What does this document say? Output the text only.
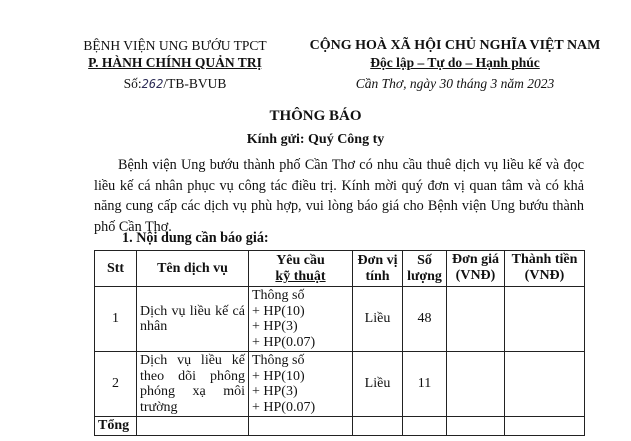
BỆNH VIỆN UNG BƯỚU TPCT
P. HÀNH CHÍNH QUẢN TRỊ
Số:262/TB-BVUB
CỘNG HOÀ XÃ HỘI CHỦ NGHĨA VIỆT NAM
Độc lập – Tự do – Hạnh phúc
Cần Thơ, ngày 30 tháng 3 năm 2023
THÔNG BÁO
Kính gửi: Quý Công ty
Bệnh viện Ung bướu thành phố Cần Thơ có nhu cầu thuê dịch vụ liều kế và đọc liều kế cá nhân phục vụ công tác điều trị. Kính mời quý đơn vị quan tâm và có khả năng cung cấp các dịch vụ phù hợp, vui lòng báo giá cho Bệnh viện Ung bướu thành phố Cần Thơ.
1. Nội dung cần báo giá:
Stt	Tên dịch vụ	Yêu cầu
kỹ thuật	Đơn vị
tính	Số
lượng	Đơn giá
(VNĐ)	Thành tiền
(VNĐ)
1	Dịch vụ liều kế cá nhân	Thông số
+ HP(10)
+ HP(3)
+ HP(0.07)	Liều	48		
2	Dịch vụ liều kế theo dõi phông phóng xạ môi trường	Thông số
+ HP(10)
+ HP(3)
+ HP(0.07)	Liều	11		
Tổng						
